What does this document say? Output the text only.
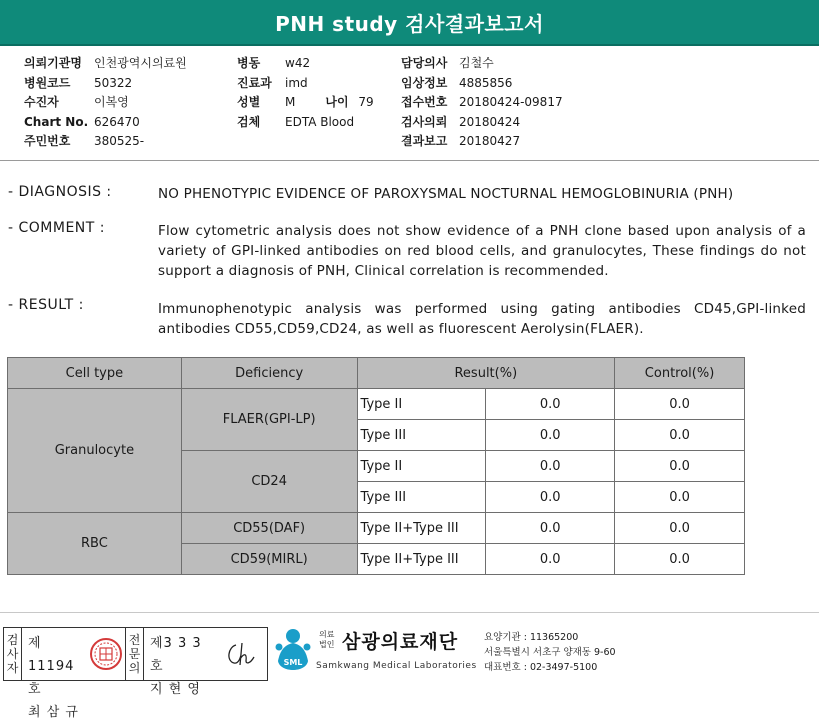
PNH study 검사결과보고서
의뢰기관명	인천광역시의료원
병원코드	50322
수진자	이복영
Chart No. 626470
주민번호	380525-
병동	w42
진료과	imd
성별	M	나이 79
검체	EDTA Blood
담당의사 김철수
임상정보 4885856
접수번호 20180424-09817
검사의뢰 20180424
결과보고 20180427
- DIAGNOSIS :	NO PHENOTYPIC EVIDENCE OF PAROXYSMAL NOCTURNAL HEMOGLOBINURIA (PNH)
- COMMENT :	Flow cytometric analysis does not show evidence of a PNH clone based upon analysis of a variety of GPI-linked antibodies on red blood cells, and granulocytes, These findings do not support a diagnosis of PNH, Clinical correlation is recommended.
- RESULT :	Immunophenotypic analysis was performed using gating antibodies CD45,GPI-linked antibodies CD55,CD59,CD24, as well as fluorescent Aerolysin(FLAER).
Cell type	Deficiency	Result(%)		Control(%)
Granulocyte	FLAER(GPI-LP)	Type II	0.0	0.0
		Type III	0.0	0.0
	CD24	Type II	0.0	0.0
		Type III	0.0	0.0
RBC	CD55(DAF)	Type II+Type III	0.0	0.0
	CD59(MIRL)	Type II+Type III	0.0	0.0
검
사
자
제11194호
최 삼 규
전
문
의
제3 3 3 호
지 현 영
SML
의료 법인 삼광의료재단
Samkwang Medical Laboratories
요양기관 : 11365200
서울특별시 서초구 양재동 9-60
대표번호 : 02-3497-5100
